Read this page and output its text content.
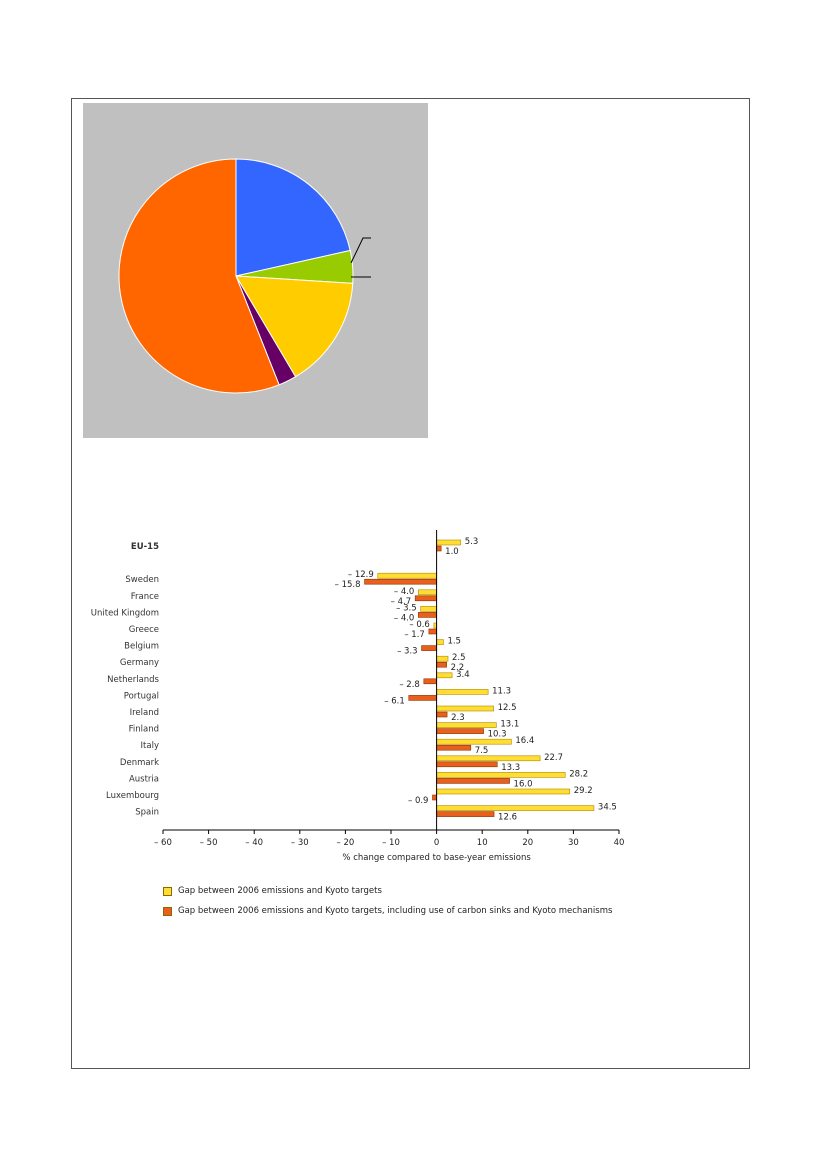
EU-15	5.3
1.0
Sweden	– 12.9
– 15.8
France	– 4.0
– 4.7
United Kingdom	– 3.5
– 4.0
Greece	– 0.6
– 1.7
Belgium	1.5
– 3.3
Germany	2.5
2.2
Netherlands	3.4
– 2.8
Portugal	11.3
– 6.1
Ireland	12.5
2.3
Finland	13.1
10.3
Italy	16.4
7.5
Denmark	22.7
13.3
Austria	28.2
16.0
Luxembourg	29.2
– 0.9
Spain	34.5
12.6
– 60	– 50	– 40	– 30	– 20	– 10	0	10	20	30	40
% change compared to base-year emissions
Gap between 2006 emissions and Kyoto targets
Gap between 2006 emissions and Kyoto targets, including use of carbon sinks and Kyoto mechanisms
